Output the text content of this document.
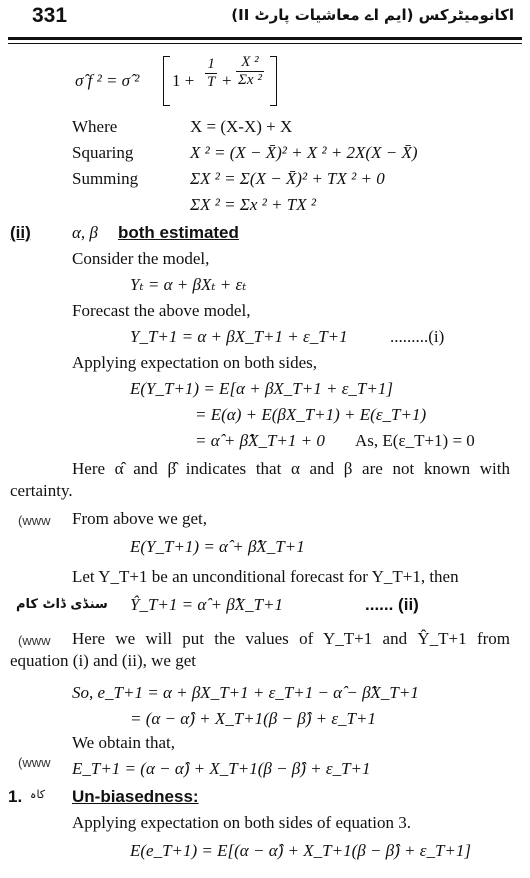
331	اکانومیٹرکس (ایم اے معاشیات پارٹ II)
σ̂ f ² = σ̂ ² $1 + \frac{1}{T} + \frac{\text{X ²}}{\text{Σx ²}}$
Where	X = (X-X) + X
Squaring	X ² = (X − X̄)² + X ² + 2X(X − X̄)
Summing	ΣX ² = Σ(X − X̄)² + TX ² + 0
ΣX ² = Σx ² + TX ²
(ii) α, β both estimated
Consider the model,
Yₜ = α + βXₜ + εₜ
Forecast the above model,
Y_T+1 = α + βX_T+1 + ε_T+1 .........(i)
Applying expectation on both sides,
E(Y_T+1) = E[α + βX_T+1 + ε_T+1]
= E(α) + E(βX_T+1) + E(ε_T+1)
= α̂ + β̂X_T+1 + 0 As, E(ε_T+1) = 0
Here α̂ and β̂ indicates that α and β are not known with certainty.
(www From above we get,
E(Y_T+1) = α̂ + β̂X_T+1
Let Y_T+1 be an unconditional forecast for Y_T+1, then
سنڈی ڈاٹ کام Ŷ_T+1 = α̂ + β̂X_T+1	...... (ii)
(www	Here we will put the values of Y_T+1 and Ŷ_T+1 from equation (i) and (ii), we get
So, e_T+1 = α + βX_T+1 + ε_T+1 − α̂ − β̂X_T+1
= (α − α̂) + X_T+1(β − β̂) + ε_T+1
We obtain that,
(www E_T+1 = (α − α̂) + X_T+1(β − β̂) + ε_T+1
1. کاہ Un-biasedness:
Applying expectation on both sides of equation 3.
E(e_T+1) = E[(α − α̂) + X_T+1(β − β̂) + ε_T+1]
